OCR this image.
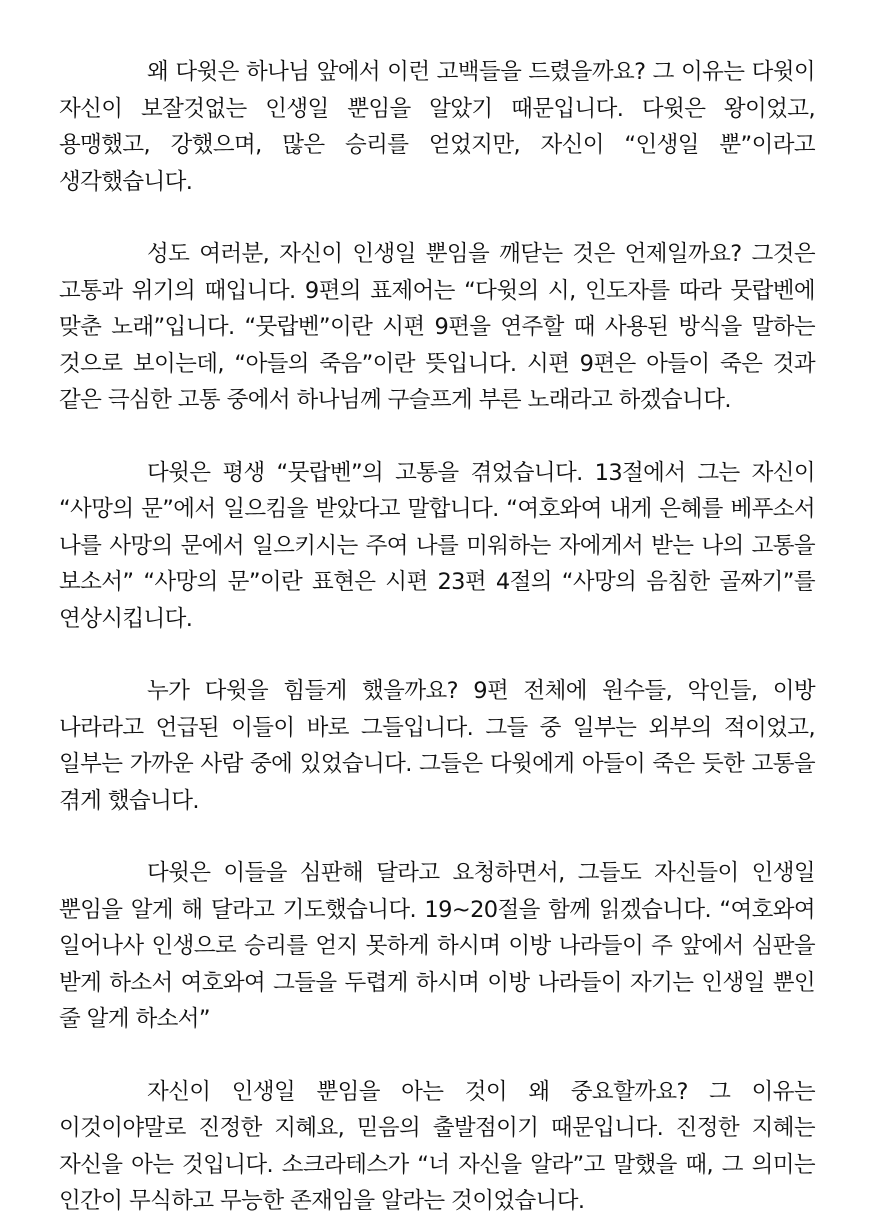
왜 다윗은 하나님 앞에서 이런 고백들을 드렸을까요? 그 이유는 다윗이 자신이 보잘것없는 인생일 뿐임을 알았기 때문입니다. 다윗은 왕이었고, 용맹했고, 강했으며, 많은 승리를 얻었지만, 자신이 “인생일 뿐”이라고 생각했습니다.

성도 여러분, 자신이 인생일 뿐임을 깨닫는 것은 언제일까요? 그것은 고통과 위기의 때입니다. 9편의 표제어는 “다윗의 시, 인도자를 따라 뭇랍벤에 맞춘 노래”입니다. “뭇랍벤”이란 시편 9편을 연주할 때 사용된 방식을 말하는 것으로 보이는데, “아들의 죽음”이란 뜻입니다. 시편 9편은 아들이 죽은 것과 같은 극심한 고통 중에서 하나님께 구슬프게 부른 노래라고 하겠습니다.

다윗은 평생 “뭇랍벤”의 고통을 겪었습니다. 13절에서 그는 자신이 “사망의 문”에서 일으킴을 받았다고 말합니다. “여호와여 내게 은혜를 베푸소서 나를 사망의 문에서 일으키시는 주여 나를 미워하는 자에게서 받는 나의 고통을 보소서” “사망의 문”이란 표현은 시편 23편 4절의 “사망의 음침한 골짜기”를 연상시킵니다.

누가 다윗을 힘들게 했을까요? 9편 전체에 원수들, 악인들, 이방 나라라고 언급된 이들이 바로 그들입니다. 그들 중 일부는 외부의 적이었고, 일부는 가까운 사람 중에 있었습니다. 그들은 다윗에게 아들이 죽은 듯한 고통을 겪게 했습니다.

다윗은 이들을 심판해 달라고 요청하면서, 그들도 자신들이 인생일 뿐임을 알게 해 달라고 기도했습니다. 19~20절을 함께 읽겠습니다. “여호와여 일어나사 인생으로 승리를 얻지 못하게 하시며 이방 나라들이 주 앞에서 심판을 받게 하소서 여호와여 그들을 두렵게 하시며 이방 나라들이 자기는 인생일 뿐인 줄 알게 하소서”

자신이 인생일 뿐임을 아는 것이 왜 중요할까요? 그 이유는 이것이야말로 진정한 지혜요, 믿음의 출발점이기 때문입니다. 진정한 지혜는 자신을 아는 것입니다. 소크라테스가 “너 자신을 알라”고 말했을 때, 그 의미는 인간이 무식하고 무능한 존재임을 알라는 것이었습니다.
